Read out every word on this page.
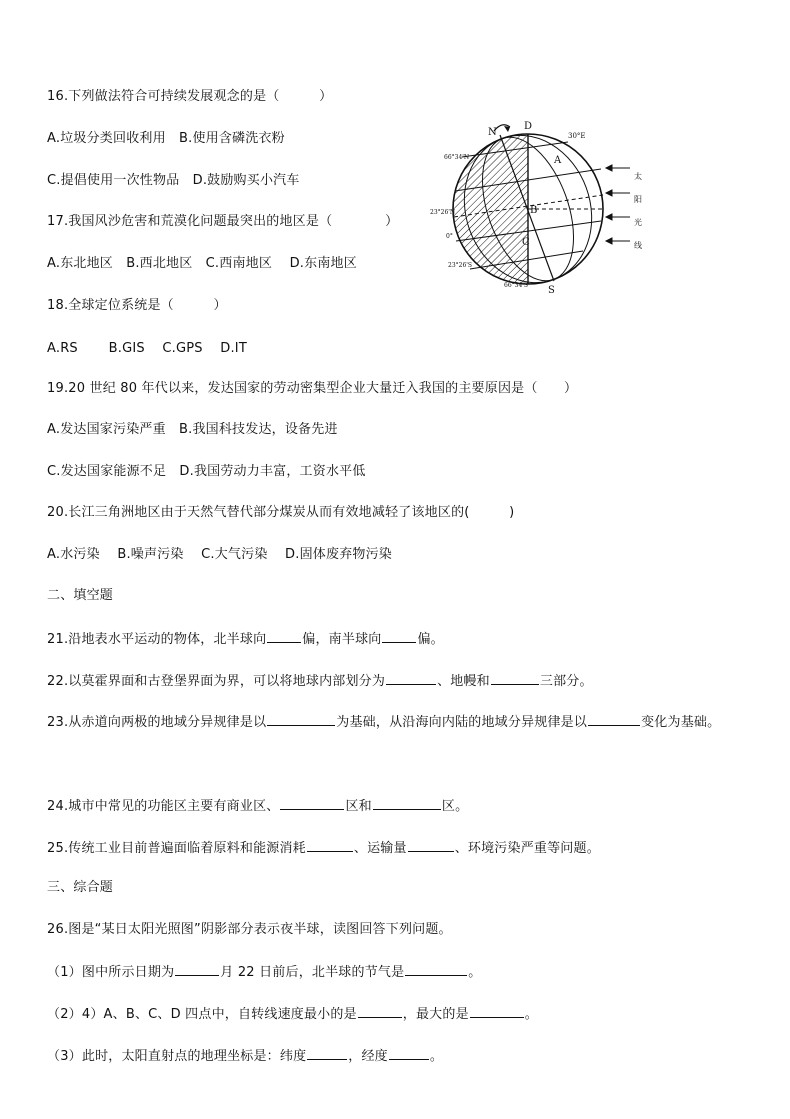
16.下列做法符合可持续发展观念的是（　　　）
A.垃圾分类回收利用　B.使用含磷洗衣粉
C.提倡使用一次性物品　D.鼓励购买小汽车
17.我国风沙危害和荒漠化问题最突出的地区是（　　　　）
A.东北地区　B.西北地区　C.西南地区　 D.东南地区
18.全球定位系统是（　　　）
A.RS　　 B.GIS　 C.GPS　 D.IT
19.20 世纪 80 年代以来，发达国家的劳动密集型企业大量迁入我国的主要原因是（　　）
A.发达国家污染严重　B.我国科技发达，设备先进
C.发达国家能源不足　D.我国劳动力丰富，工资水平低
20.长江三角洲地区由于天然气替代部分煤炭从而有效地减轻了该地区的(　　　)
A.水污染　 B.噪声污染　 C.大气污染　 D.固体废弃物污染
二、填空题
21.沿地表水平运动的物体，北半球向	偏，南半球向	偏。
22.以莫霍界面和古登堡界面为界，可以将地球内部划分为	、地幔和	三部分。
23.从赤道向两极的地域分异规律是以	为基础，从沿海向内陆的地域分异规律是以	变化为基础。
24.城市中常见的功能区主要有商业区、	区和	区。
25.传统工业目前普遍面临着原料和能源消耗	、运输量	、环境污染严重等问题。
三、综合题
26.图是“某日太阳光照图”阴影部分表示夜半球，读图回答下列问题。
（1）图中所示日期为	月 22 日前后，北半球的节气是	。
（2）4）A、B、C、D 四点中，自转线速度最小的是	，最大的是	。
（3）此时，太阳直射点的地理坐标是：纬度	，经度	。
N
D
30°E
A
B
C
S
66°34'N
23°26'N
0°
23°26'S
66°34'S
太
阳
光
线
